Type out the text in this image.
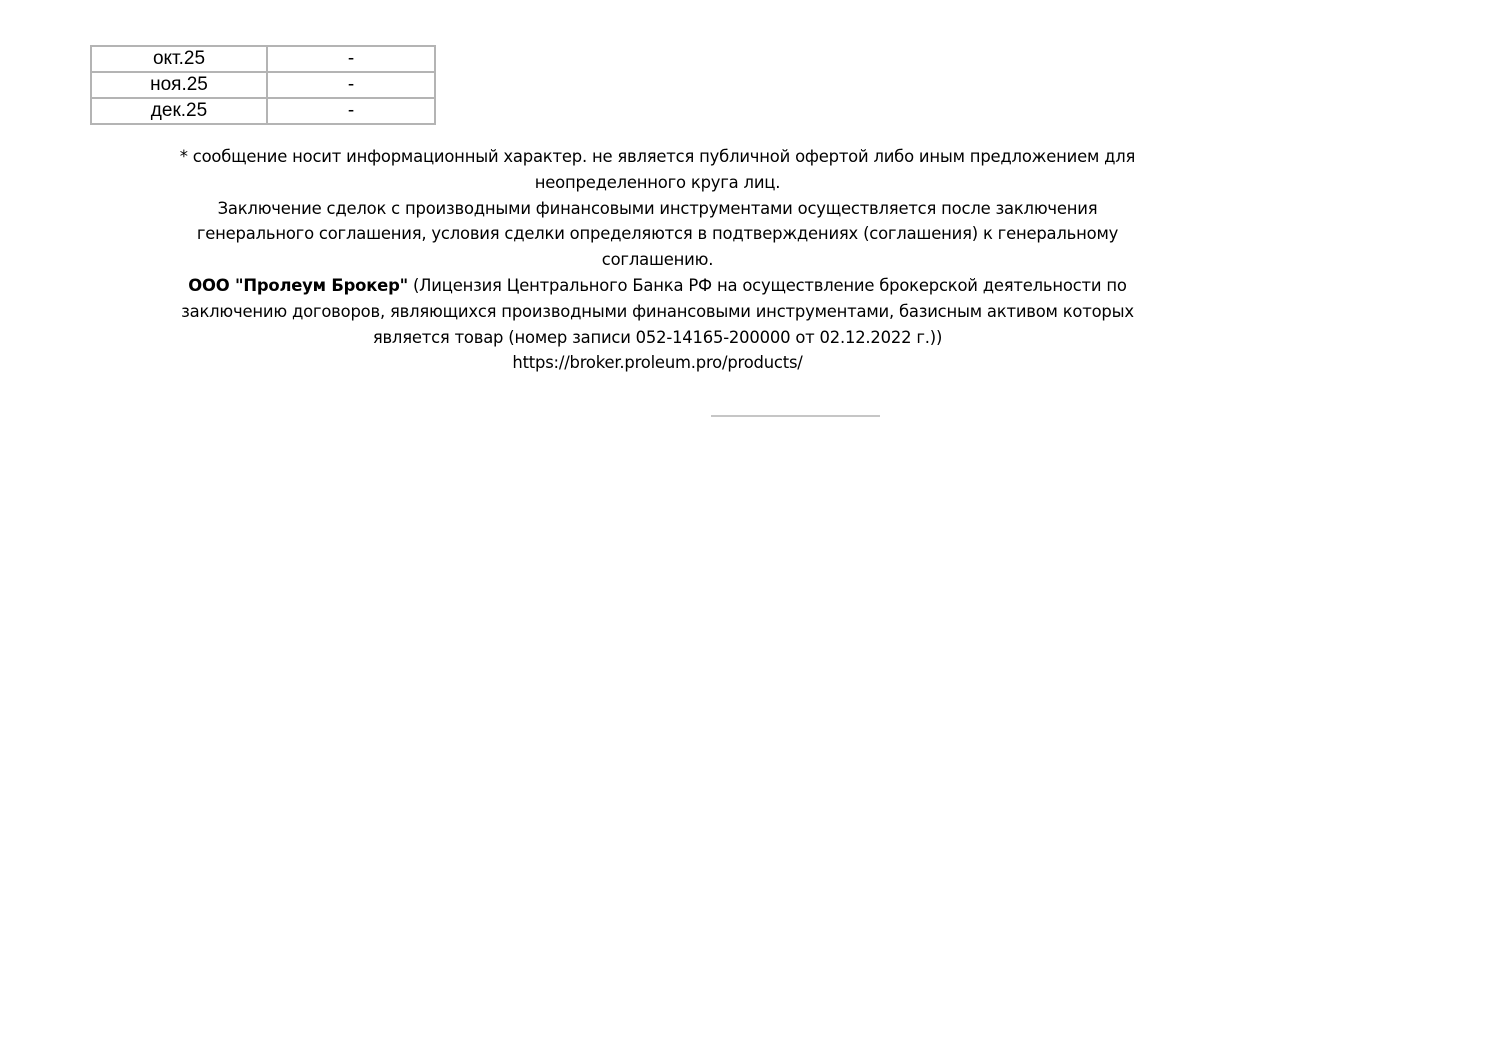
окт.25	-
ноя.25	-
дек.25	-

* сообщение носит информационный характер. не является публичной офертой либо иным предложением для неопределенного круга лиц.

Заключение сделок с производными финансовыми инструментами осуществляется после заключения генерального соглашения, условия сделки определяются в подтверждениях (соглашения) к генеральному соглашению.

ООО "Пролеум Брокер" (Лицензия Центрального Банка РФ на осуществление брокерской деятельности по заключению договоров, являющихся производными финансовыми инструментами, базисным активом которых является товар (номер записи 052-14165-200000 от 02.12.2022 г.))

https://broker.proleum.pro/products/
